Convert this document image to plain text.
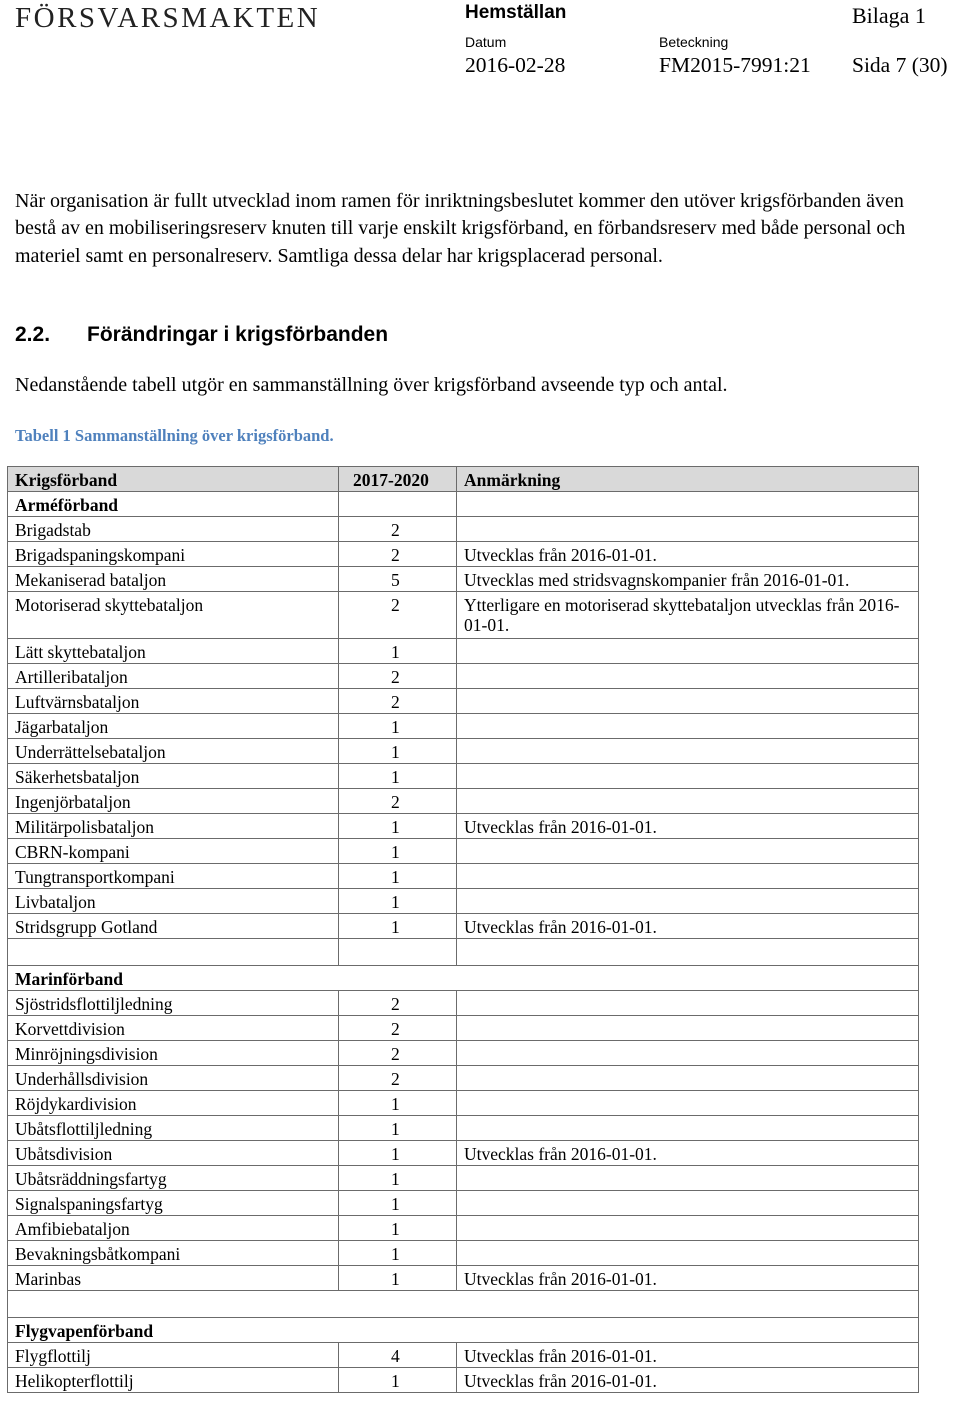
FÖRSVARSMAKTEN	Hemställan	Bilaga 1
Datum	Beteckning
2016-02-28	FM2015-7991:21 Sida 7 (30)
När organisation är fullt utvecklad inom ramen för inriktningsbeslutet kommer den utöver krigsförbanden även bestå av en mobiliseringsreserv knuten till varje enskilt krigsförband, en förbandsreserv med både personal och materiel samt en personalreserv. Samtliga dessa delar har krigsplacerad personal.
2.2. Förändringar i krigsförbanden
Nedanstående tabell utgör en sammanställning över krigsförband avseende typ och antal.
Tabell 1 Sammanställning över krigsförband.
Krigsförband	2017-2020	Anmärkning
Arméförband		
Brigadstab	2	
Brigadspaningskompani	2	Utvecklas från 2016-01-01.
Mekaniserad bataljon	5	Utvecklas med stridsvagnskompanier från 2016-01-01.
Motoriserad skyttebataljon	2	Ytterligare en motoriserad skyttebataljon utvecklas från 2016-01-01.
Lätt skyttebataljon	1	
Artilleribataljon	2	
Luftvärnsbataljon	2	
Jägarbataljon	1	
Underrättelsebataljon	1	
Säkerhetsbataljon	1	
Ingenjörbataljon	2	
Militärpolisbataljon	1	Utvecklas från 2016-01-01.
CBRN-kompani	1	
Tungtransportkompani	1	
Livbataljon	1	
Stridsgrupp Gotland	1	Utvecklas från 2016-01-01.

Marinförband		
Sjöstridsflottiljledning	2	
Korvettdivision	2	
Minröjningsdivision	2	
Underhållsdivision	2	
Röjdykardivision	1	
Ubåtsflottiljledning	1	
Ubåtsdivision	1	Utvecklas från 2016-01-01.
Ubåtsräddningsfartyg	1	
Signalspaningsfartyg	1	
Amfibiebataljon	1	
Bevakningsbåtkompani	1	
Marinbas	1	Utvecklas från 2016-01-01.

Flygvapenförband		
Flygflottilj	4	Utvecklas från 2016-01-01.
Helikopterflottilj	1	Utvecklas från 2016-01-01.
